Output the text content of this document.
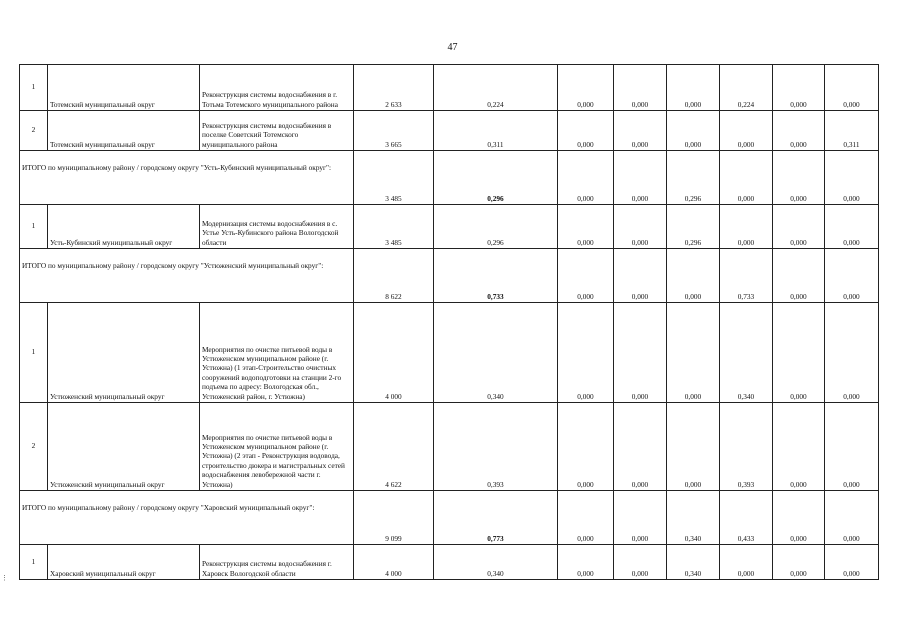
47
1	Тотемский муниципальный округ	Реконструкция системы водоснабжения в г. Тотьма Тотемского муниципального района	2 633	0,224	0,000	0,000	0,000	0,224	0,000	0,000
2	Тотемский муниципальный округ	Реконструкция системы водоснабжения в поселке Советский Тотемского муниципального района	3 665	0,311	0,000	0,000	0,000	0,000	0,000	0,311
ИТОГО по муниципальному району / городскому округу "Усть-Кубинский муниципальный округ":			3 485	0,296	0,000	0,000	0,296	0,000	0,000	0,000
1	Усть-Кубинский муниципальный округ	Модернизация системы водоснабжения в с. Устье Усть-Кубинского района Вологодской области	3 485	0,296	0,000	0,000	0,296	0,000	0,000	0,000
ИТОГО по муниципальному району / городскому округу "Устюженский муниципальный округ":			8 622	0,733	0,000	0,000	0,000	0,733	0,000	0,000
1	Устюженский муниципальный округ	Мероприятия по очистке питьевой воды в Устюженском муниципальном районе (г. Устюжна) (1 этап-Строительство очистных сооружений водоподготовки на станции 2-го подъема по адресу: Вологодская обл., Устюженский район, г. Устюжна)	4 000	0,340	0,000	0,000	0,000	0,340	0,000	0,000
2	Устюженский муниципальный округ	Мероприятия по очистке питьевой воды в Устюженском муниципальном районе (г. Устюжна) (2 этап - Реконструкция водовода, строительство дюкера и магистральных сетей водоснабжения левобережной части г. Устюжна)	4 622	0,393	0,000	0,000	0,000	0,393	0,000	0,000
ИТОГО по муниципальному району / городскому округу "Харовский муниципальный округ":			9 099	0,773	0,000	0,000	0,340	0,433	0,000	0,000
1	Харовский муниципальный округ	Реконструкция системы водоснабжения г. Харовск Вологодской области	4 000	0,340	0,000	0,000	0,340	0,000	0,000	0,000
⋮
